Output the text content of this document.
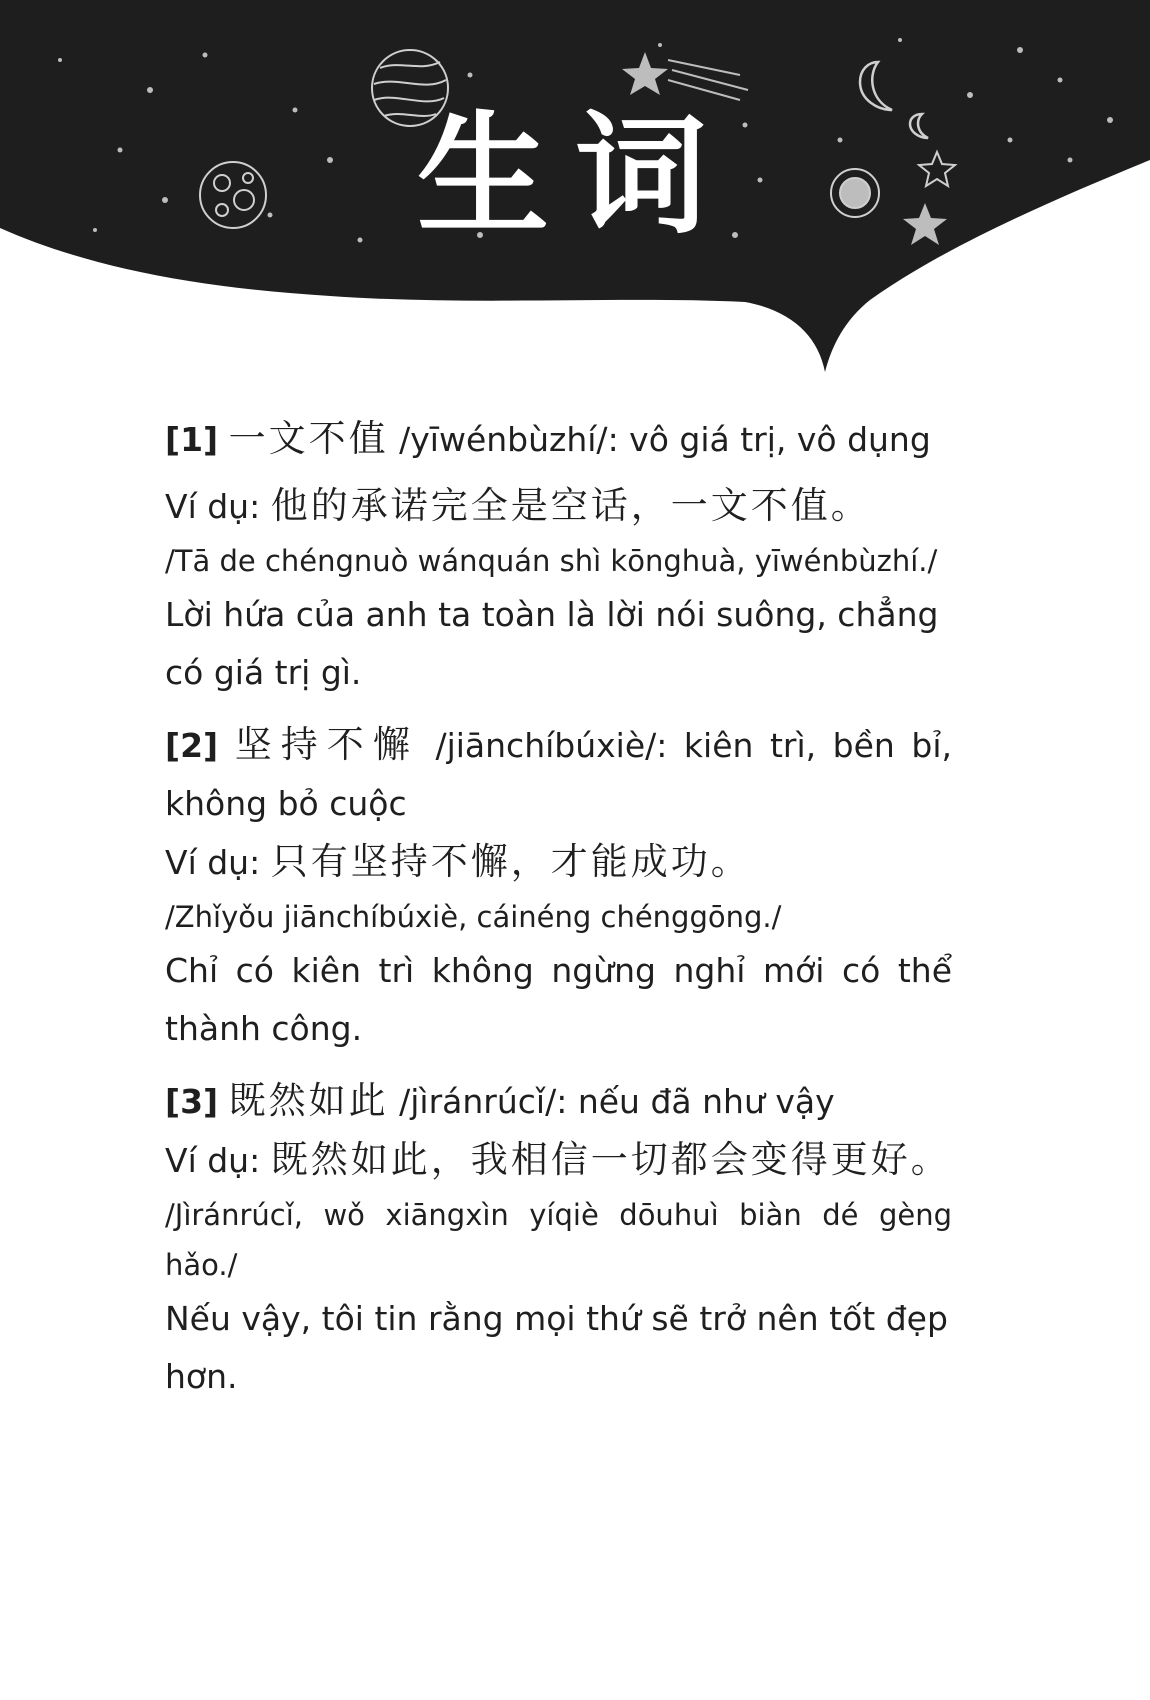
生词
[1] 一文不值 /yīwénbùzhí/: vô giá trị, vô dụng
Ví dụ: 他的承诺完全是空话，一文不值。
/Tā de chéngnuò wánquán shì kōnghuà, yīwénbùzhí./
Lời hứa của anh ta toàn là lời nói suông, chẳng có giá trị gì.
[2] 坚持不懈 /jiānchíbúxiè/: kiên trì, bền bỉ, không bỏ cuộc
Ví dụ: 只有坚持不懈，才能成功。
/Zhǐyǒu jiānchíbúxiè, cáinéng chénggōng./
Chỉ có kiên trì không ngừng nghỉ mới có thể thành công.
[3] 既然如此 /jìránrúcǐ/: nếu đã như vậy
Ví dụ: 既然如此，我相信一切都会变得更好。
/Jìránrúcǐ, wǒ xiāngxìn yíqiè dōuhuì biàn dé gèng hǎo./
Nếu vậy, tôi tin rằng mọi thứ sẽ trở nên tốt đẹp hơn.
